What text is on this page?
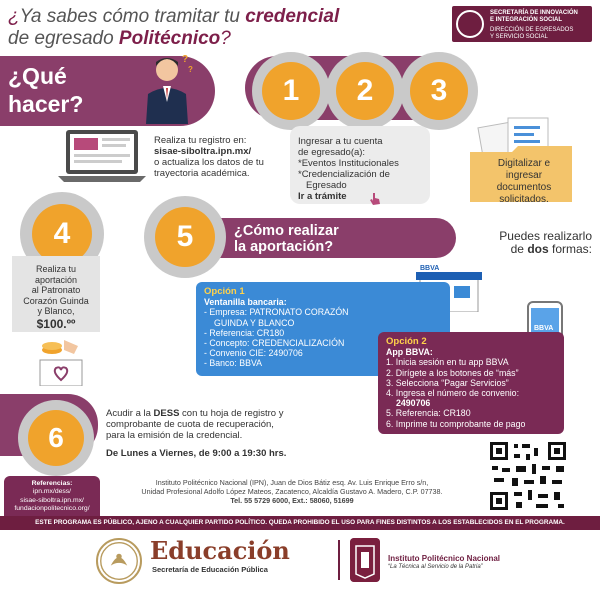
¿Ya sabes cómo tramitar tu credencial
de egresado Politécnico?
SECRETARÍA DE INNOVACIÓN
E INTEGRACIÓN SOCIAL
DIRECCIÓN DE EGRESADOS
Y SERVICIO SOCIAL
¿Qué
hacer?
?
?
1	2	3
Realiza tu registro en:
sisae-siboltra.ipn.mx/
o actualiza los datos de tu
trayectoria académica.
Ingresar a tu cuenta
de egresado(a):
*Eventos Institucionales
*Credencialización de
Egresado
Ir a trámite
Digitalizar e
ingresar
documentos
solicitados.
4
Realiza tu
aportación
al Patronato
Corazón Guinda
y Blanco,
$100.ºº
5	¿Cómo realizar
la aportación?
Puedes realizarlo
de dos formas:
BBVA
BBVA
Opción 1
Ventanilla bancaria:
- Empresa: PATRONATO CORAZÓN
GUINDA Y BLANCO
- Referencia: CR180
- Concepto: CREDENCIALIZACIÓN
- Convenio CIE: 2490706
- Banco: BBVA
Opción 2
App BBVA:
1. Inicia sesión en tu app BBVA
2. Dirígete a los botones de “más”
3. Selecciona “Pagar Servicios”
4. Ingresa el número de convenio:
2490706
5. Referencia: CR180
6. Imprime tu comprobante de pago
6
Acudir a la DESS con tu hoja de registro y
comprobante de cuota de recuperación,
para la emisión de la credencial.
De Lunes a Viernes, de 9:00 a 19:30 hrs.
Referencias:
ipn.mx/dess/
sisae-siboltra.ipn.mx/
fundacionpolitecnico.org/
Instituto Politécnico Nacional (IPN), Juan de Dios Bátiz esq. Av. Luis Enrique Erro s/n,
Unidad Profesional Adolfo López Mateos, Zacatenco, Alcaldía Gustavo A. Madero, C.P. 07738.
Tel. 55 5729 6000, Ext.: 58060, 51699
ESTE PROGRAMA ES PÚBLICO, AJENO A CUALQUIER PARTIDO POLÍTICO. QUEDA PROHIBIDO EL USO PARA FINES DISTINTOS A LOS ESTABLECIDOS EN EL PROGRAMA.
Educación
Secretaría de Educación Pública
Instituto Politécnico Nacional
“La Técnica al Servicio de la Patria”
